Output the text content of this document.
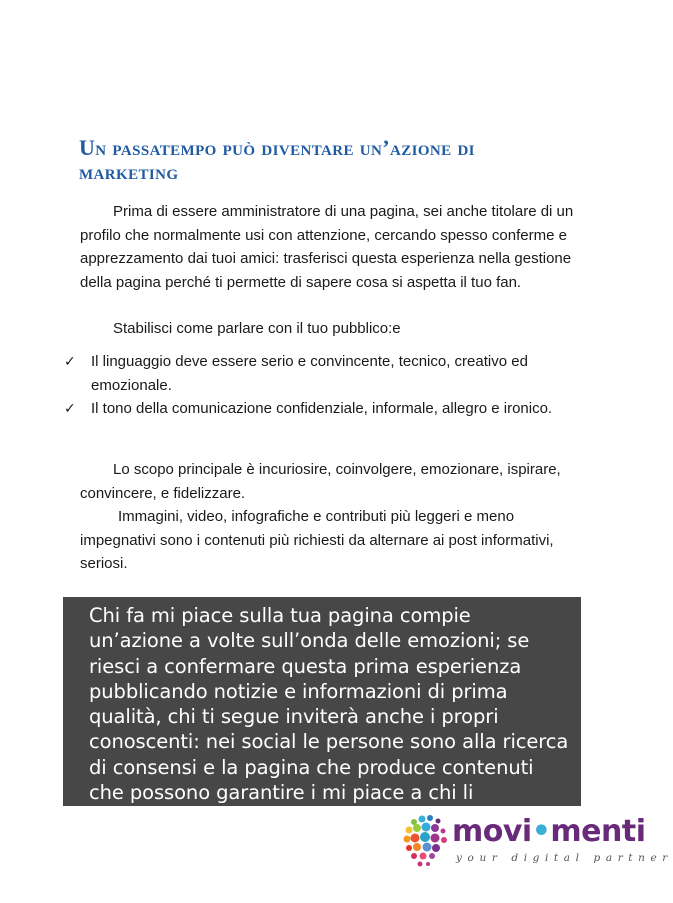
Un passatempo può diventare un’azione di marketing

Prima di essere amministratore di una pagina, sei anche titolare di un profilo che normalmente usi con attenzione, cercando spesso conferme e apprezzamento dai tuoi amici: trasferisci questa esperienza nella gestione della pagina perché ti permette di sapere cosa si aspetta il tuo fan.

Stabilisci come parlare con il tuo pubblico:e

✓ Il linguaggio deve essere serio e convincente, tecnico, creativo ed emozionale.
✓ Il tono della comunicazione confidenziale, informale, allegro e ironico.

Lo scopo principale è incuriosire, coinvolgere, emozionare, ispirare, convincere, e fidelizzare.

Immagini, video, infografiche e contributi più leggeri e meno impegnativi sono i contenuti più richiesti da alternare ai post informativi, seriosi.

Chi fa mi piace sulla tua pagina compie un’azione a volte sull’onda delle emozioni; se riesci a confermare questa prima esperienza pubblicando notizie e informazioni di prima qualità, chi ti segue inviterà anche i propri conoscenti: nei social le persone sono alla ricerca di consensi e la pagina che produce contenuti che possono garantire i mi piace a chi li condivide avrà presto successo.	movi•menti
your digital partner
